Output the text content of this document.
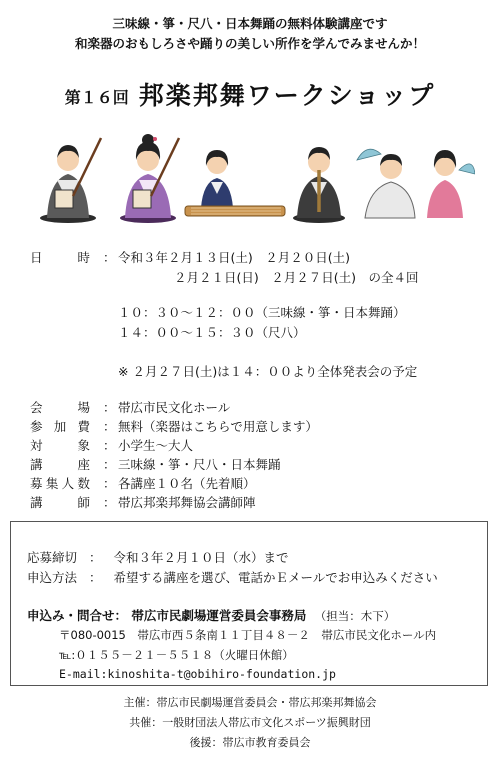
三味線・箏・尺八・日本舞踊の無料体験講座です
和楽器のおもしろさや踊りの美しい所作を学んでみませんか！
第１６回 邦楽邦舞ワークショップ
日	時 ： 令和３年２月１３日(土)　２月２０日(土)
２月２１日(日)　２月２７日(土)　の全４回
１０：３０～１２：００（三味線・箏・日本舞踊）
１４：００～１５：３０（尺八）
※ ２月２７日(土)は１４：００より全体発表会の予定
会	場 ： 帯広市民文化ホール
参 加 費 ： 無料（楽器はこちらで用意します）
対	象 ： 小学生～大人
講	座 ： 三味線・箏・尺八・日本舞踊
募 集 人 数 ： 各講座１０名（先着順）
講	師 ： 帯広邦楽邦舞協会講師陣
応募締切 ： 令和３年２月１０日（水）まで
申込方法 ： 希望する講座を選び、電話かＥメールでお申込みください
申込み・問合せ： 帯広市民劇場運営委員会事務局 （担当：木下）
〒080-0015　帯広市西５条南１１丁目４８－２　帯広市民文化ホール内
℡:０１５５－２１－５５１８（火曜日休館）
E-mail:kinoshita-t@obihiro-foundation.jp
主催：帯広市民劇場運営委員会・帯広邦楽邦舞協会
共催：一般財団法人帯広市文化スポーツ振興財団
後援：帯広市教育委員会
